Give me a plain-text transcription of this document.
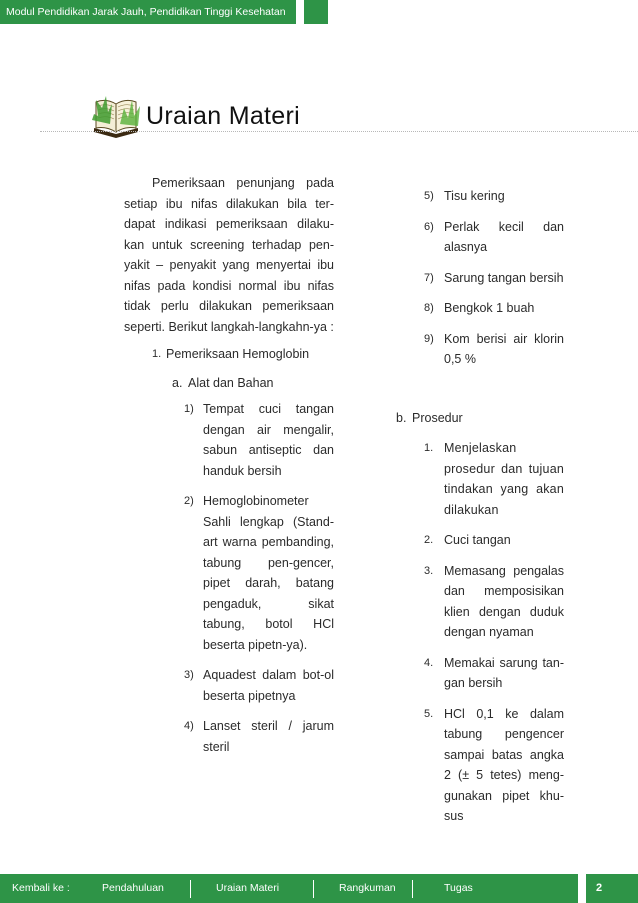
Modul Pendidikan Jarak Jauh, Pendidikan Tinggi Kesehatan
Uraian Materi

Pemeriksaan penunjang pada setiap ibu nifas dilakukan bila ter-dapat indikasi pemeriksaan dilaku-kan untuk screening terhadap pen-yakit – penyakit yang menyertai ibu nifas pada kondisi normal ibu nifas tidak perlu dilakukan pemeriksaan seperti. Berikut langkah-langkahn-ya :

1. Pemeriksaan Hemoglobin
a. Alat dan Bahan
1) Tempat cuci tangan dengan air mengalir, sabun antiseptic dan handuk bersih
2) Hemoglobinometer Sahli lengkap (Stand-art warna pembanding, tabung pen-gencer, pipet darah, batang pengaduk, sikat tabung, botol HCl beserta pipetn-ya).
3) Aquadest dalam bot-ol beserta pipetnya
4) Lanset steril / jarum steril
5) Tisu kering
6) Perlak kecil dan alasnya
7) Sarung tangan bersih
8) Bengkok 1 buah
9) Kom berisi air klorin 0,5 %
b. Prosedur
1. Menjelaskan prosedur dan tujuan tindakan yang akan dilakukan
2. Cuci tangan
3. Memasang pengalas dan memposisikan klien dengan duduk dengan nyaman
4. Memakai sarung tan-gan bersih
5. HCl 0,1 ke dalam tabung pengencer sampai batas angka 2 (± 5 tetes) meng-gunakan pipet khu-sus
Kembali ke :	Pendahuluan	Uraian Materi	Rangkuman	Tugas	2
